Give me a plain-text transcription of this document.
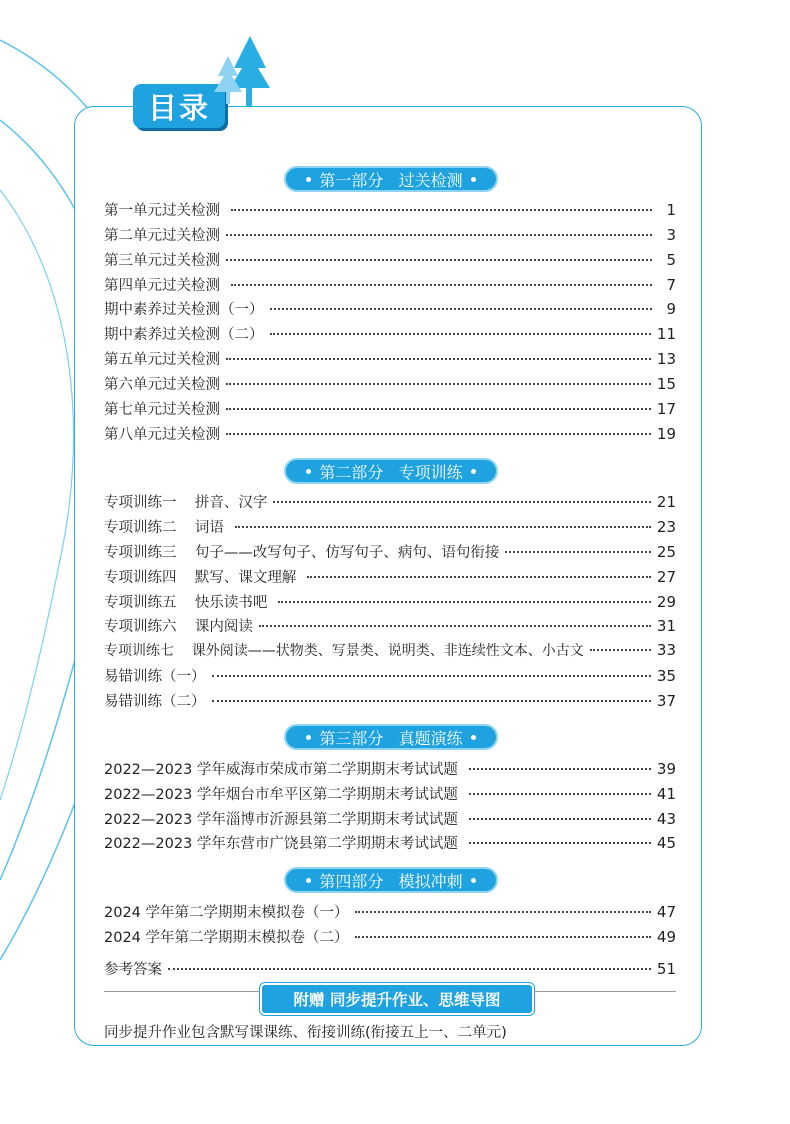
目录
第一部分   过关检测
第二部分   专项训练
第三部分   真题演练
第四部分   模拟冲刺
第一单元过关检测	1
第二单元过关检测	3
第三单元过关检测	5
第四单元过关检测	7
期中素养过关检测（一）	9
期中素养过关检测（二）	11
第五单元过关检测	13
第六单元过关检测	15
第七单元过关检测	17
第八单元过关检测	19
专项训练一    拼音、汉字	21
专项训练二    词语	23
专项训练三    句子——改写句子、仿写句子、病句、语句衔接	25
专项训练四    默写、课文理解	27
专项训练五    快乐读书吧	29
专项训练六    课内阅读	31
专项训练七    课外阅读——状物类、写景类、说明类、非连续性文本、小古文	33
易错训练（一）	35
易错训练（二）	37
2022—2023 学年威海市荣成市第二学期期末考试试题	39
2022—2023 学年烟台市牟平区第二学期期末考试试题	41
2022—2023 学年淄博市沂源县第二学期期末考试试题	43
2022—2023 学年东营市广饶县第二学期期末考试试题	45
2024 学年第二学期期末模拟卷（一）	47
2024 学年第二学期期末模拟卷（二）	49
参考答案	51
附赠 同步提升作业、思维导图
同步提升作业包含默写课课练、衔接训练(衔接五上一、二单元)
